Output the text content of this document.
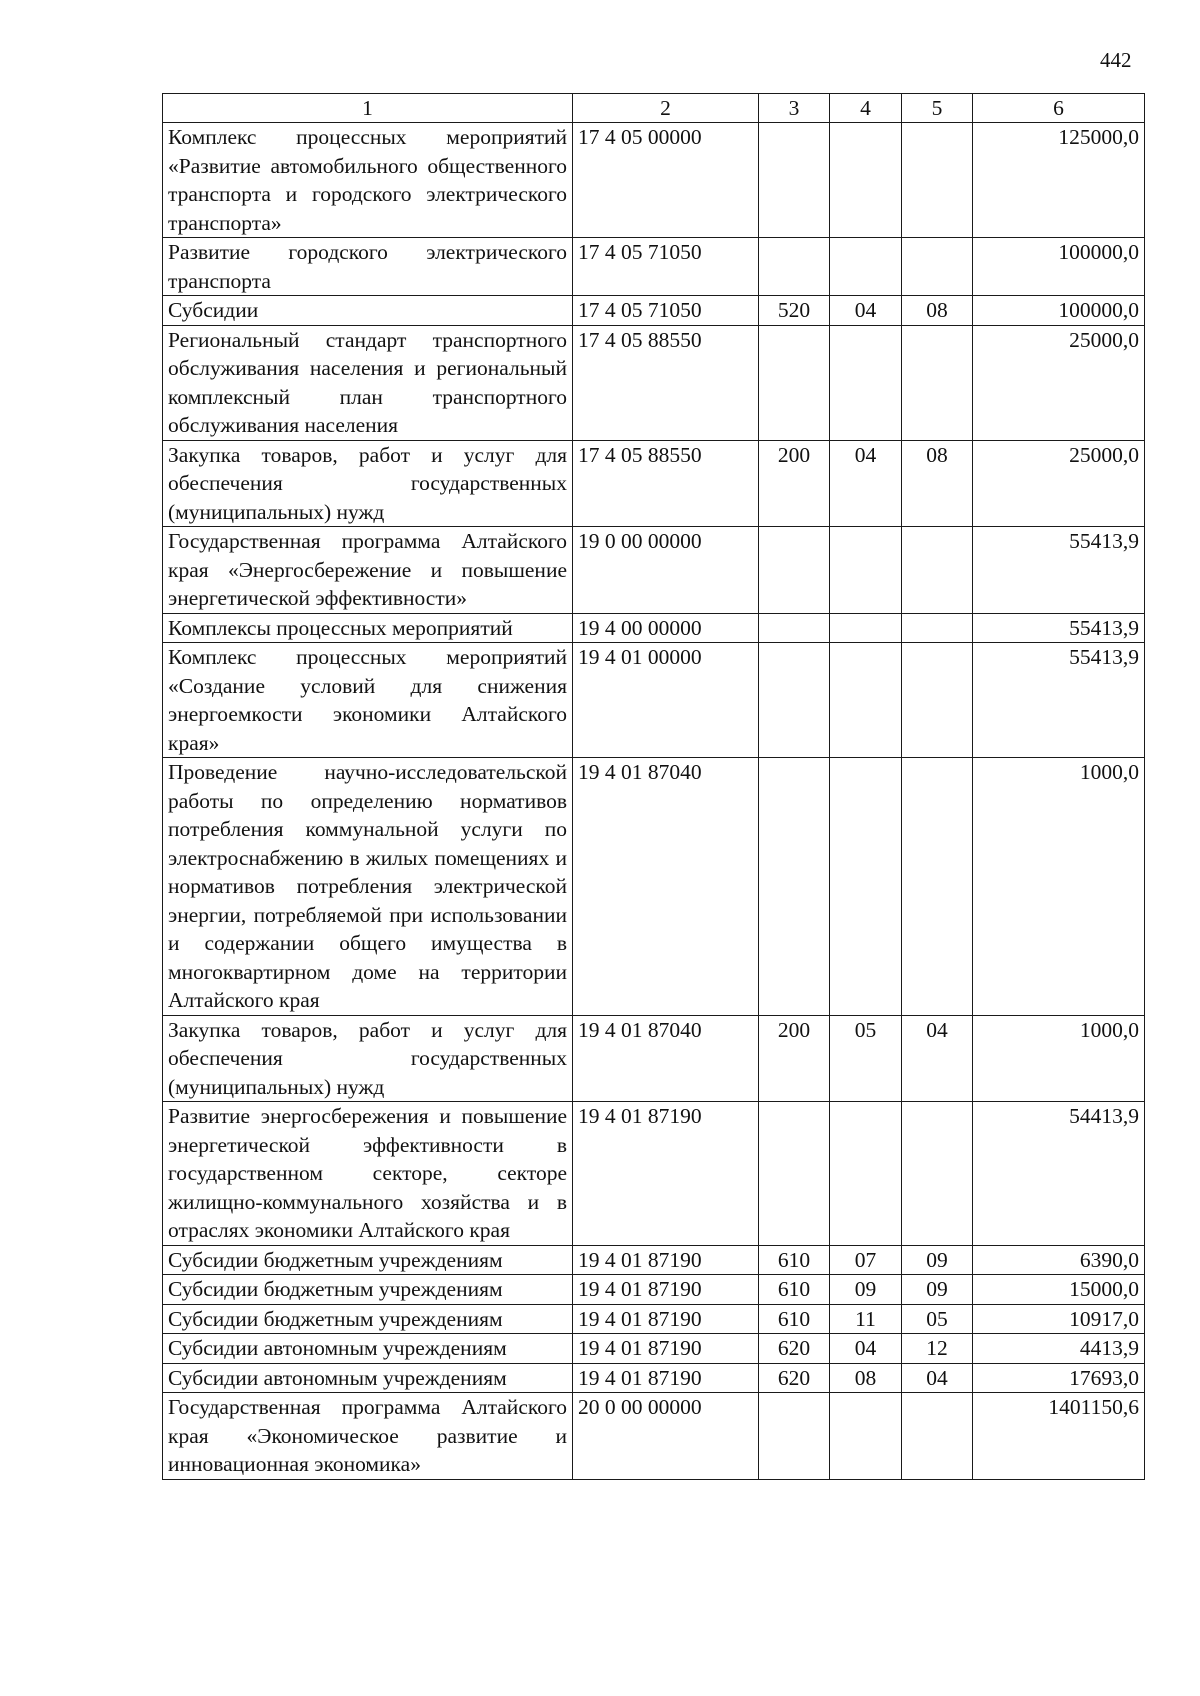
442
1	2	3	4	5	6
Комплекс процессных мероприятий «Развитие автомобильного общественного транспорта и городского электрического транспорта»	17 4 05 00000				125000,0
Развитие городского электрического транспорта	17 4 05 71050				100000,0
Субсидии	17 4 05 71050	520	04	08	100000,0
Региональный стандарт транспортного обслуживания населения и региональный комплексный план транспортного обслуживания населения	17 4 05 88550				25000,0
Закупка товаров, работ и услуг для обеспечения государственных (муниципальных) нужд	17 4 05 88550	200	04	08	25000,0
Государственная программа Алтайского края «Энергосбережение и повышение энергетической эффективности»	19 0 00 00000				55413,9
Комплексы процессных мероприятий	19 4 00 00000				55413,9
Комплекс процессных мероприятий «Создание условий для снижения энергоемкости экономики Алтайского края»	19 4 01 00000				55413,9
Проведение научно-исследовательской работы по определению нормативов потребления коммунальной услуги по электроснабжению в жилых помещениях и нормативов потребления электрической энергии, потребляемой при использовании и содержании общего имущества в многоквартирном доме на территории Алтайского края	19 4 01 87040				1000,0
Закупка товаров, работ и услуг для обеспечения государственных (муниципальных) нужд	19 4 01 87040	200	05	04	1000,0
Развитие энергосбережения и повышение энергетической эффективности в государственном секторе, секторе жилищно-коммунального хозяйства и в отраслях экономики Алтайского края	19 4 01 87190				54413,9
Субсидии бюджетным учреждениям	19 4 01 87190	610	07	09	6390,0
Субсидии бюджетным учреждениям	19 4 01 87190	610	09	09	15000,0
Субсидии бюджетным учреждениям	19 4 01 87190	610	11	05	10917,0
Субсидии автономным учреждениям	19 4 01 87190	620	04	12	4413,9
Субсидии автономным учреждениям	19 4 01 87190	620	08	04	17693,0
Государственная программа Алтайского края «Экономическое развитие и инновационная экономика»	20 0 00 00000				1401150,6
